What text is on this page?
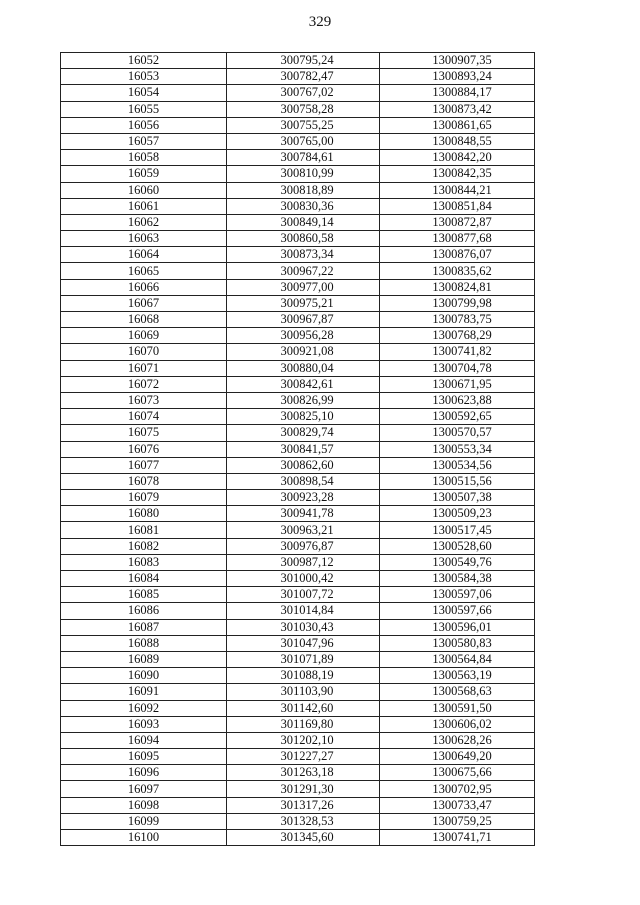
329
16052	300795,24	1300907,35
16053	300782,47	1300893,24
16054	300767,02	1300884,17
16055	300758,28	1300873,42
16056	300755,25	1300861,65
16057	300765,00	1300848,55
16058	300784,61	1300842,20
16059	300810,99	1300842,35
16060	300818,89	1300844,21
16061	300830,36	1300851,84
16062	300849,14	1300872,87
16063	300860,58	1300877,68
16064	300873,34	1300876,07
16065	300967,22	1300835,62
16066	300977,00	1300824,81
16067	300975,21	1300799,98
16068	300967,87	1300783,75
16069	300956,28	1300768,29
16070	300921,08	1300741,82
16071	300880,04	1300704,78
16072	300842,61	1300671,95
16073	300826,99	1300623,88
16074	300825,10	1300592,65
16075	300829,74	1300570,57
16076	300841,57	1300553,34
16077	300862,60	1300534,56
16078	300898,54	1300515,56
16079	300923,28	1300507,38
16080	300941,78	1300509,23
16081	300963,21	1300517,45
16082	300976,87	1300528,60
16083	300987,12	1300549,76
16084	301000,42	1300584,38
16085	301007,72	1300597,06
16086	301014,84	1300597,66
16087	301030,43	1300596,01
16088	301047,96	1300580,83
16089	301071,89	1300564,84
16090	301088,19	1300563,19
16091	301103,90	1300568,63
16092	301142,60	1300591,50
16093	301169,80	1300606,02
16094	301202,10	1300628,26
16095	301227,27	1300649,20
16096	301263,18	1300675,66
16097	301291,30	1300702,95
16098	301317,26	1300733,47
16099	301328,53	1300759,25
16100	301345,60	1300741,71
